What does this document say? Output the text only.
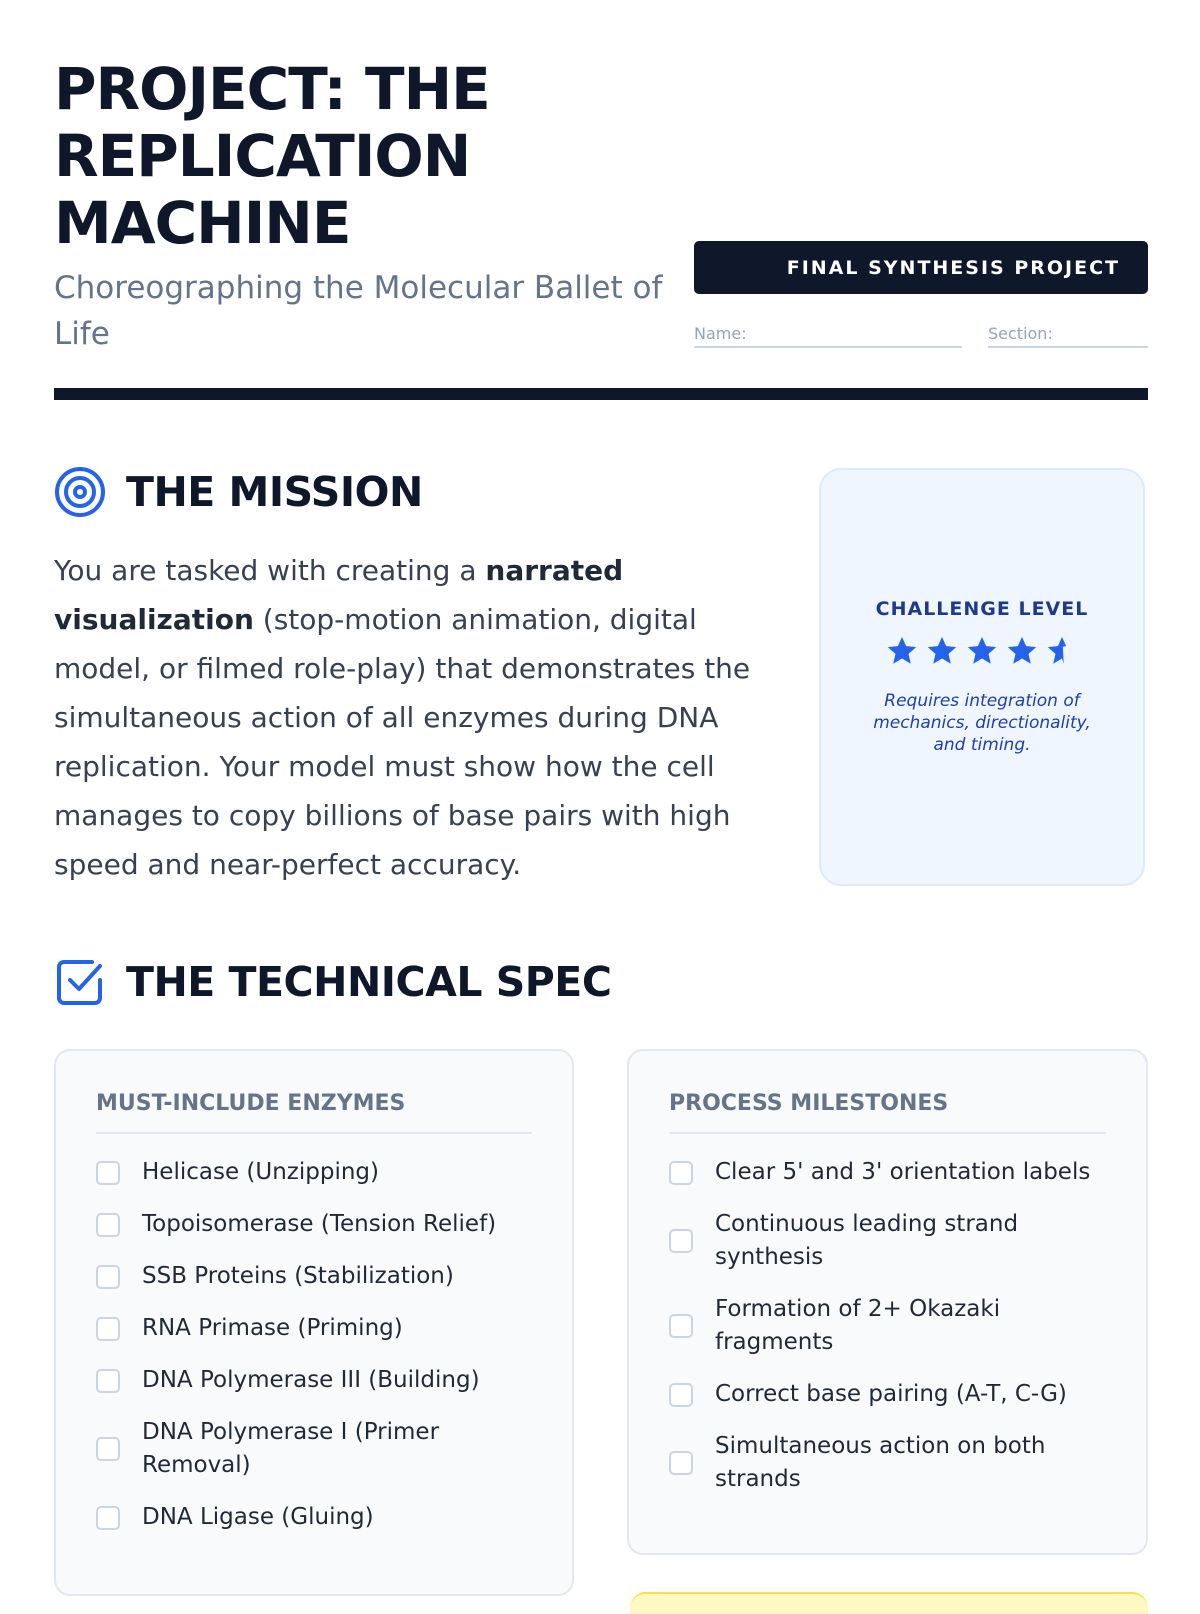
PROJECT: THE REPLICATION MACHINE

Choreographing the Molecular Ballet of Life

FINAL SYNTHESIS PROJECT
Name:	Section:
THE MISSION

You are tasked with creating a narrated visualization (stop-motion animation, digital model, or filmed role-play) that demonstrates the simultaneous action of all enzymes during DNA replication. Your model must show how the cell manages to copy billions of base pairs with high speed and near-perfect accuracy.

CHALLENGE LEVEL
Requires integration of mechanics, directionality, and timing.
THE TECHNICAL SPEC
MUST-INCLUDE ENZYMES
Helicase (Unzipping)
Topoisomerase (Tension Relief)
SSB Proteins (Stabilization)
RNA Primase (Priming)
DNA Polymerase III (Building)
DNA Polymerase I (Primer Removal)
DNA Ligase (Gluing)
PROCESS MILESTONES
Clear 5' and 3' orientation labels
Continuous leading strand synthesis
Formation of 2+ Okazaki fragments
Correct base pairing (A-T, C-G)
Simultaneous action on both strands
